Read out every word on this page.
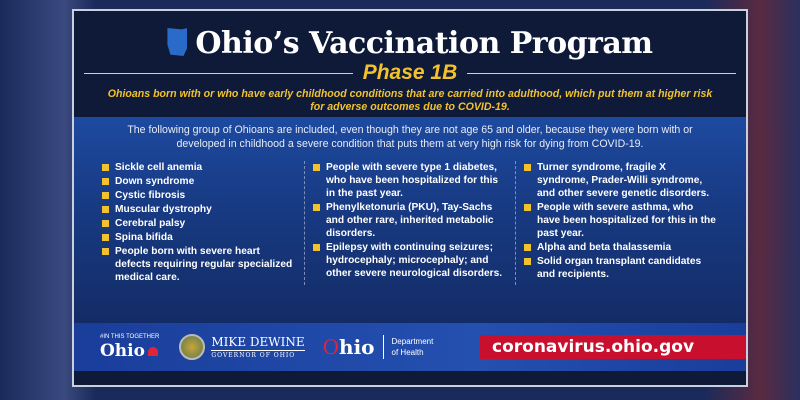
Ohio’s Vaccination Program
Phase 1B
Ohioans born with or who have early childhood conditions that are carried into adulthood, which put them at higher risk for adverse outcomes due to COVID-19.
The following group of Ohioans are included, even though they are not age 65 and older, because they were born with or developed in childhood a severe condition that puts them at very high risk for dying from COVID-19.
Sickle cell anemia
Down syndrome
Cystic fibrosis
Muscular dystrophy
Cerebral palsy
Spina bifida
People born with severe heart defects requiring regular specialized medical care.
People with severe type 1 diabetes, who have been hospitalized for this in the past year.
Phenylketonuria (PKU), Tay-Sachs and other rare, inherited metabolic disorders.
Epilepsy with continuing seizures; hydrocephaly; microcephaly; and other severe neurological disorders.
Turner syndrome, fragile X syndrome, Prader-Willi syndrome, and other severe genetic disorders.
People with severe asthma, who have been hospitalized for this in the past year.
Alpha and beta thalassemia
Solid organ transplant candidates and recipients.
#IN THIS TOGETHER
Ohio	MIKE DEWINE
GOVERNOR OF OHIO	Ohio	Department
of Health	coronavirus.ohio.gov
